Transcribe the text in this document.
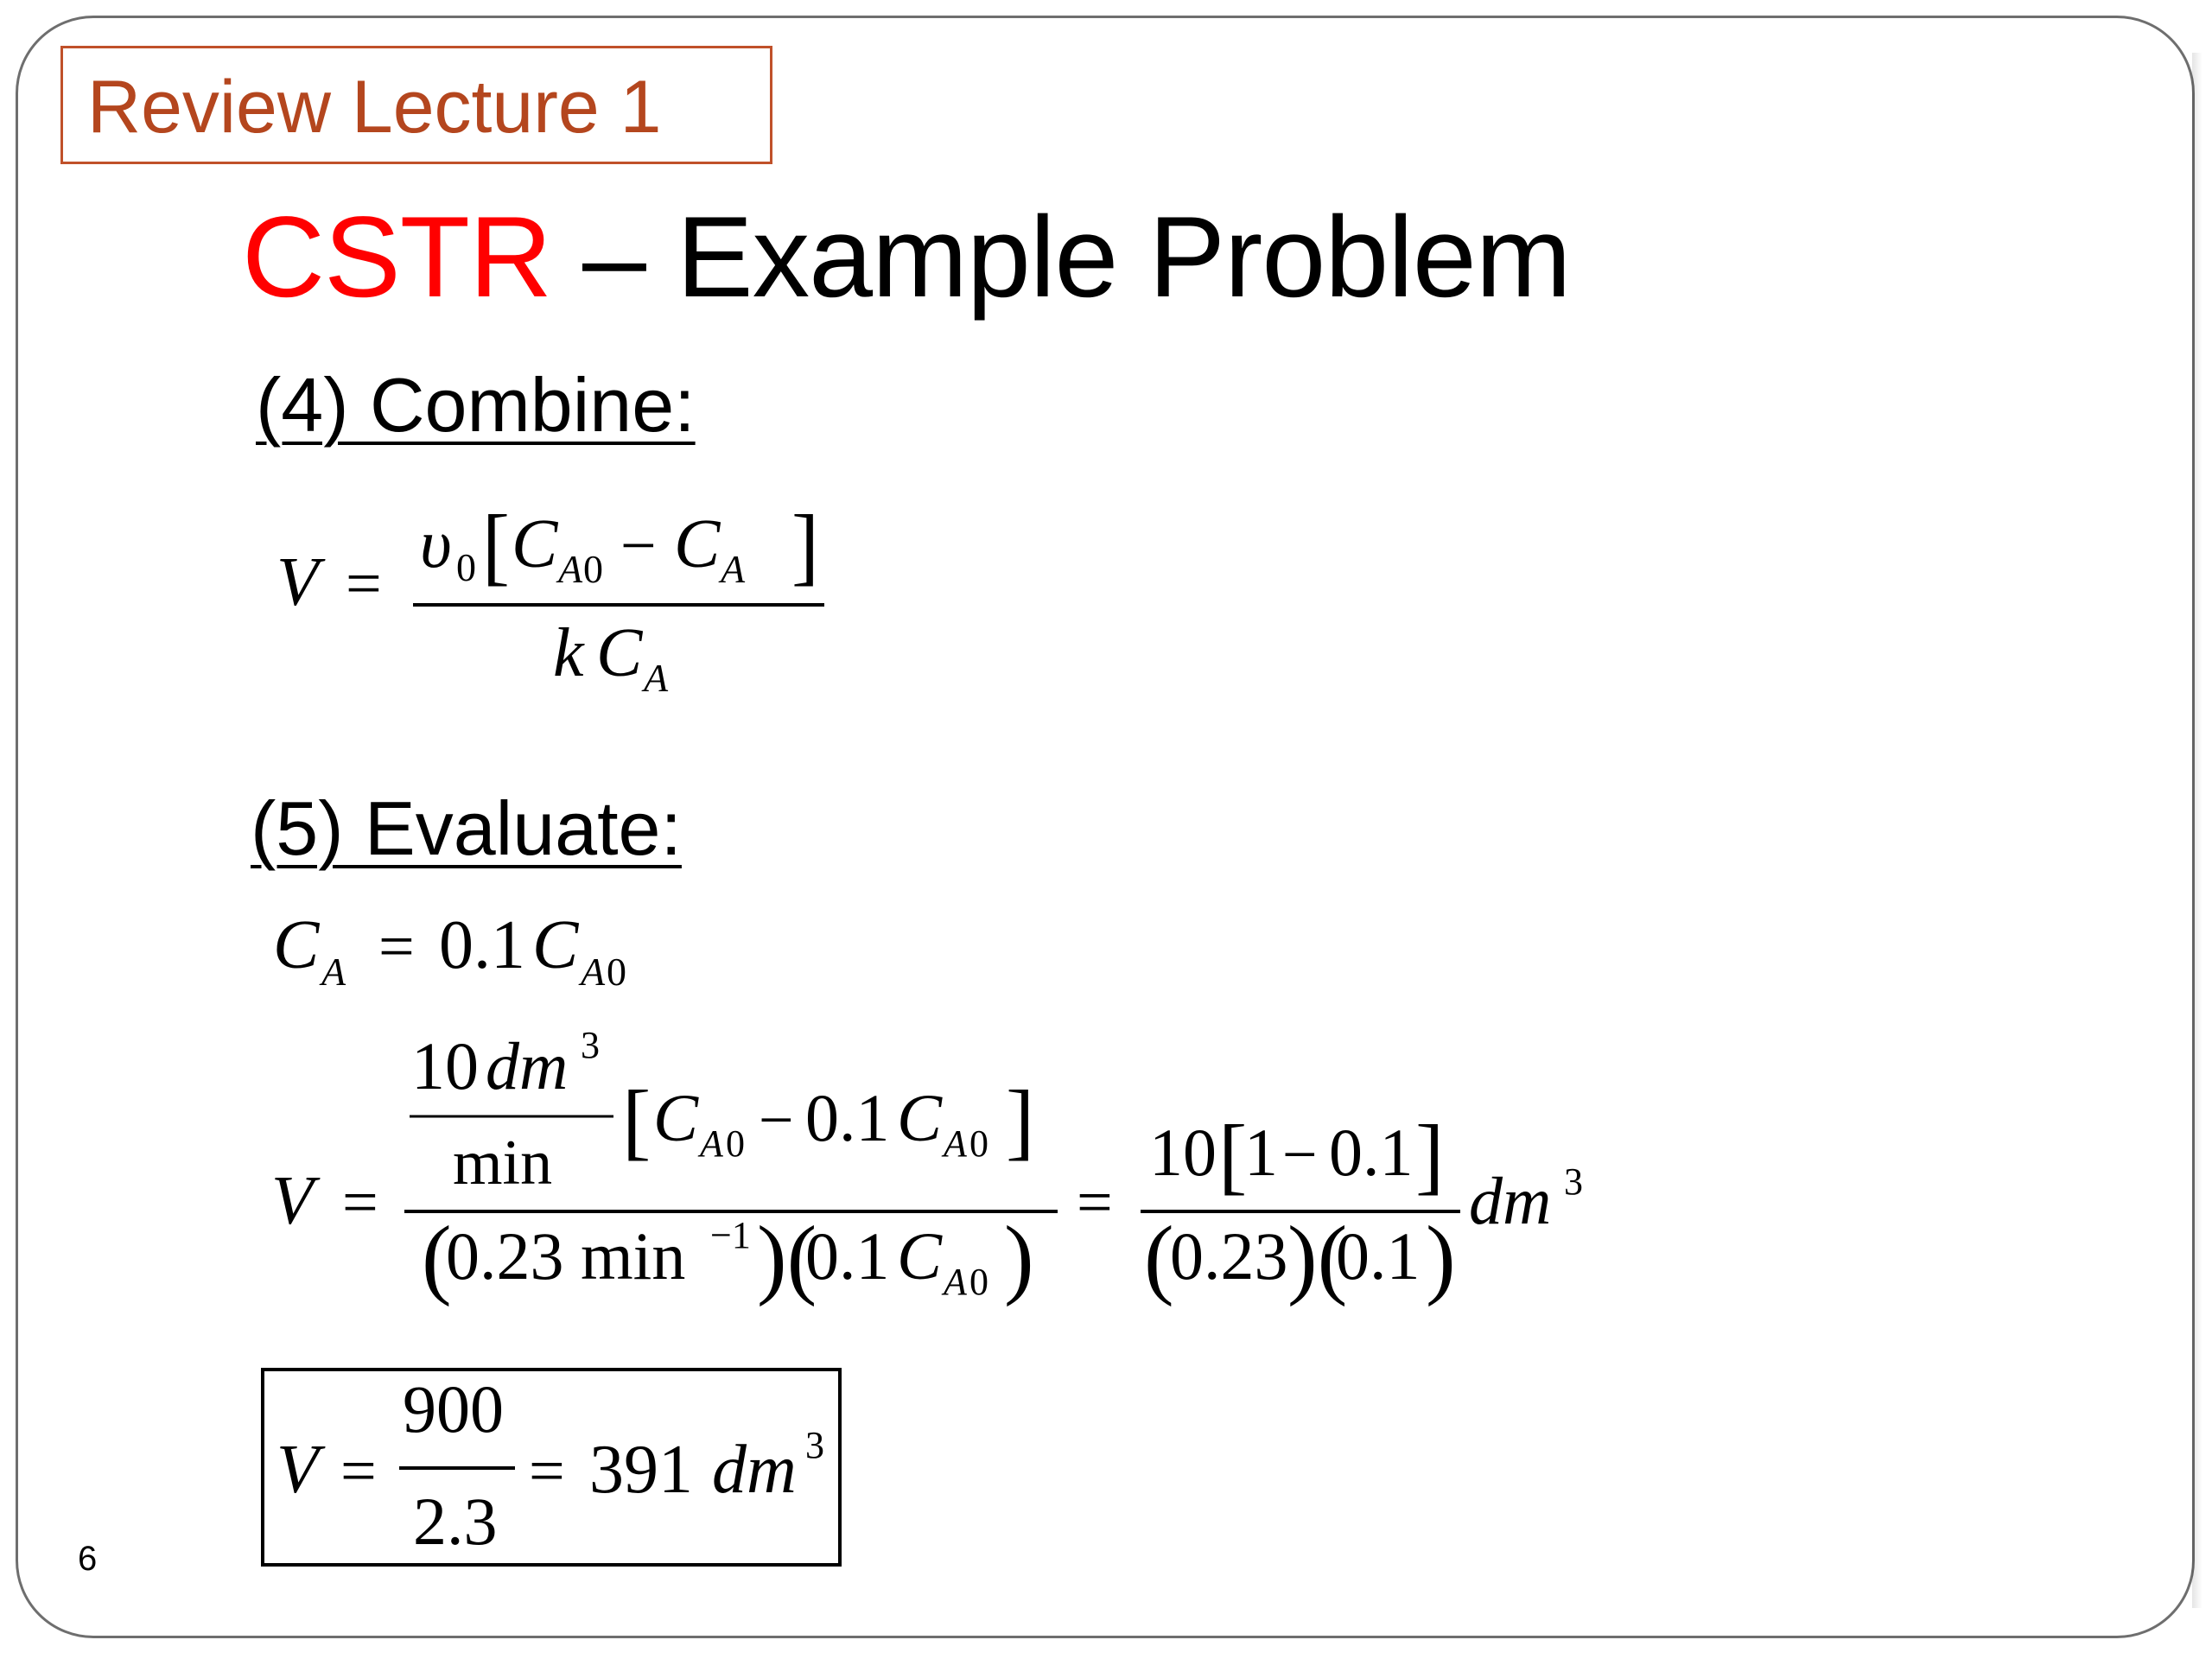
Review Lecture 1
CSTR – Example Problem
(4) Combine:
V =
υ 0 [ C A 0 − C A ]
k C A
(5) Evaluate:
C A = 0.1 C A 0
V =
10 dm 3
min [ C A 0 − 0.1 C A 0 ]
(
0.23 min −1 )(
0.1 C A 0 )
=
10 [
1 − 0.1 ]
(
0.23 )(
0.1 )
dm 3
V =
900
2.3
= 391 dm 3
6
